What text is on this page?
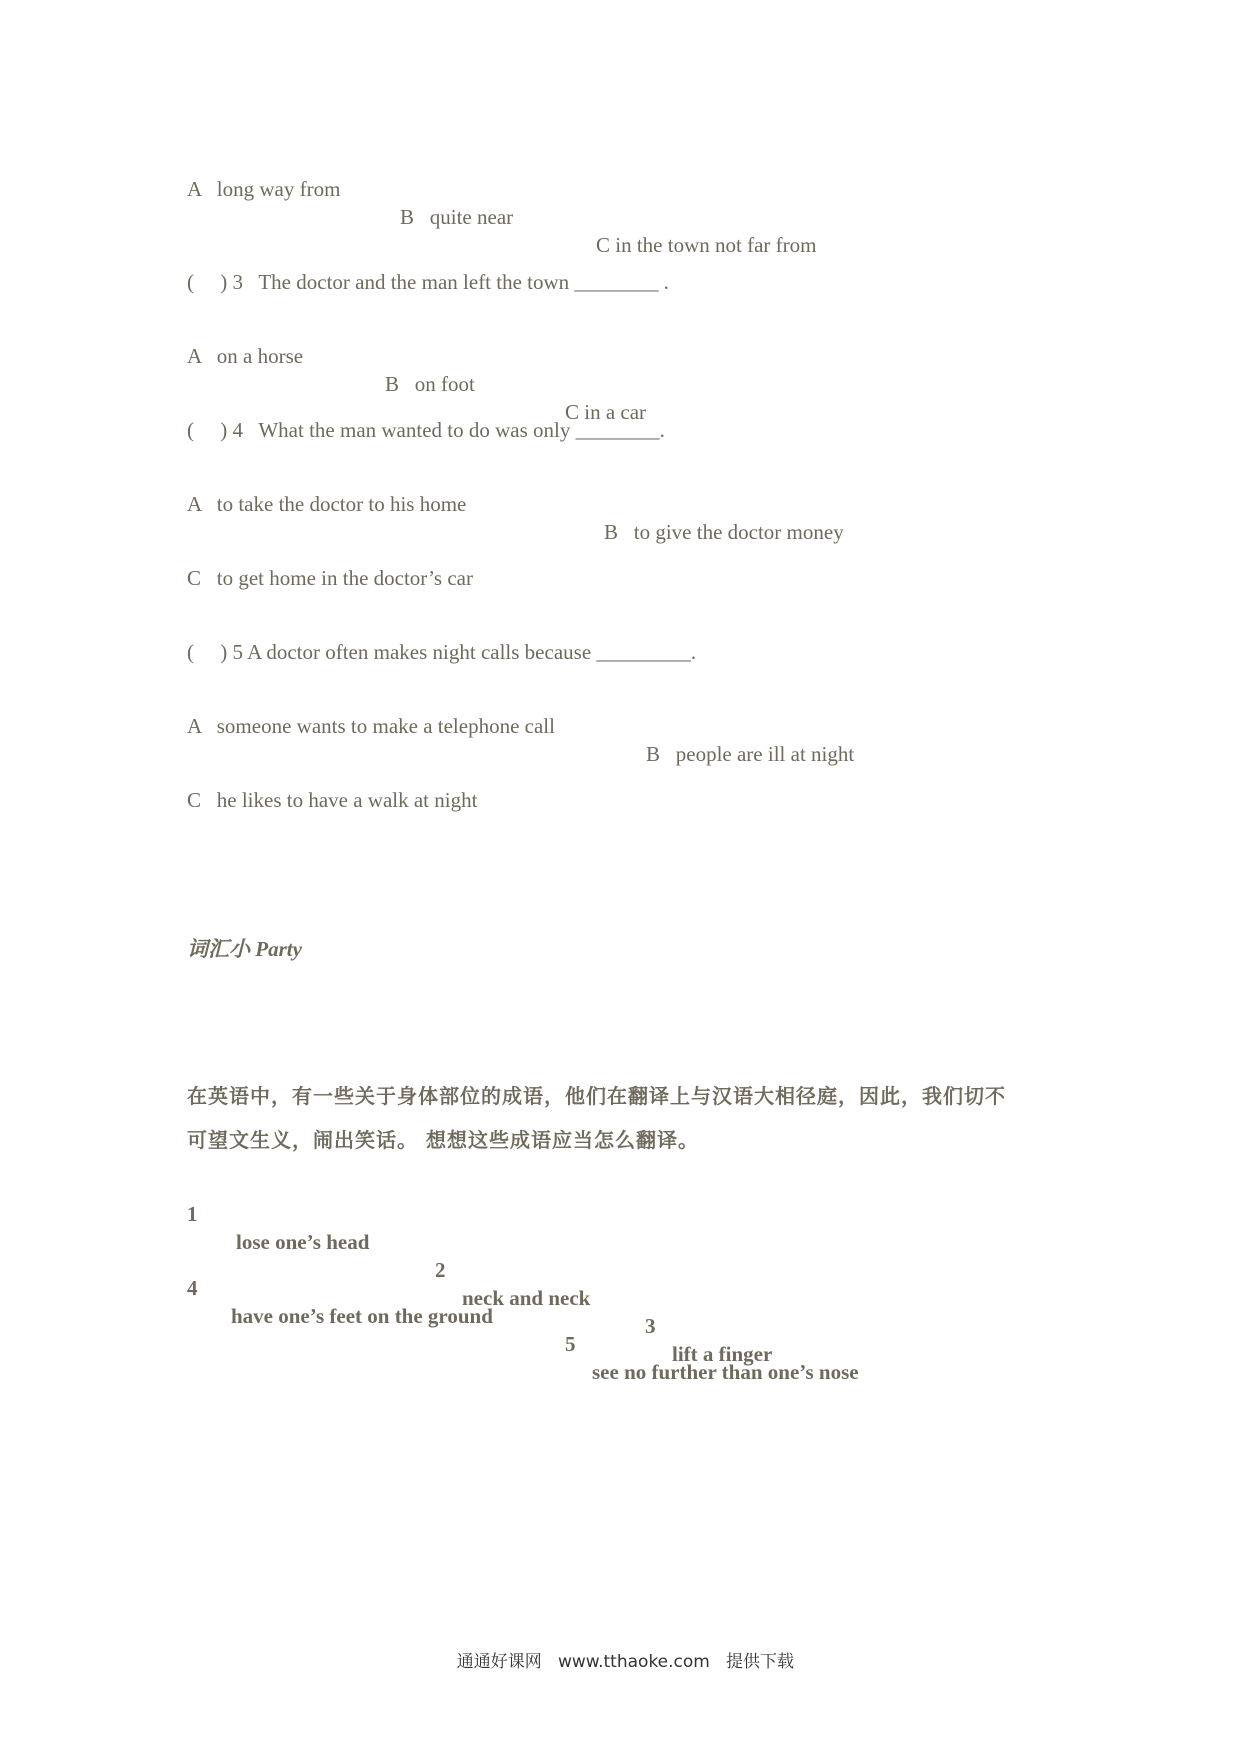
A   long way from

B   quite near

C in the town not far from

(     ) 3   The doctor and the man left the town ________ .

A   on a horse

B   on foot

C in a car

(     ) 4   What the man wanted to do was only ________.

A   to take the doctor to his home

B   to give the doctor money

C   to get home in the doctor’s car

(     ) 5 A doctor often makes night calls because _________.

A   someone wants to make a telephone call

B   people are ill at night

C   he likes to have a walk at night

词汇小 Party

在英语中，有一些关于身体部位的成语，他们在翻译上与汉语大相径庭，因此，我们切不

可望文生义，闹出笑话。 想想这些成语应当怎么翻译。

1

lose one’s head

2

neck and neck

3

lift a finger

4

have one’s feet on the ground

5

see no further than one’s nose

通通好课网   www.tthaoke.com   提供下载
